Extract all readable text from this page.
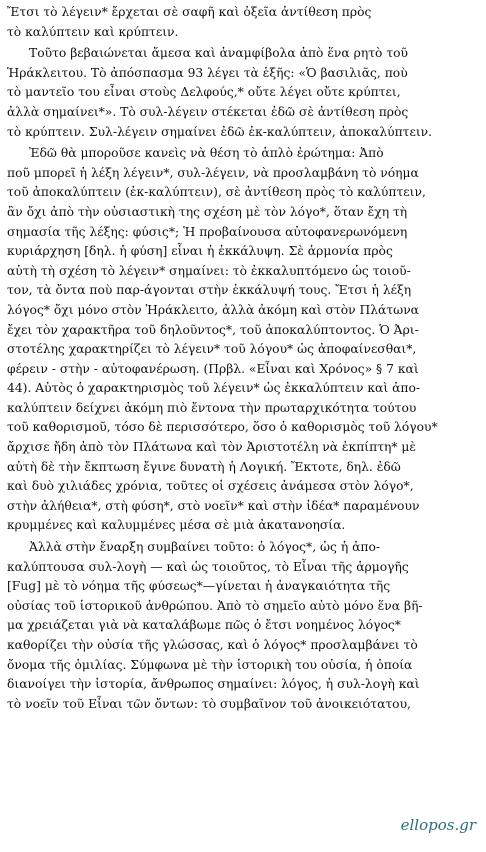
Ἔτσι τὸ λέγειν* ἔρχεται σὲ σαφῆ καὶ ὀξεῖα ἀντίθεση πρὸς
τὸ καλύπτειν καὶ κρύπτειν.
Τοῦτο βεβαιώνεται ἄμεσα καὶ ἀναμφίβολα ἀπὸ ἕνα ρητὸ τοῦ
Ἡράκλειτου. Τὸ ἀπόσπασμα 93 λέγει τὰ ἑξῆς: «Ὁ βασιλιᾶς, ποὺ
τὸ μαντεῖο του εἶναι στοὺς Δελφούς,* οὔτε λέγει οὔτε κρύπτει,
ἀλλὰ σημαίνει*». Τὸ συλ-λέγειν στέκεται ἐδῶ σὲ ἀντίθεση πρὸς
τὸ κρύπτειν. Συλ-λέγειν σημαίνει ἐδῶ ἐκ-καλύπτειν, ἀποκαλύπτειν.
Ἐδῶ θὰ μποροῦσε κανεὶς νὰ θέση τὸ ἁπλὸ ἐρώτημα: Ἀπὸ
ποῦ μπορεῖ ἡ λέξη λέγειν*, συλ-λέγειν, νὰ προσλαμβάνη τὸ νόημα
τοῦ ἀποκαλύπτειν (ἐκ-καλύπτειν), σὲ ἀντίθεση πρὸς τὸ καλύπτειν,
ἂν ὄχι ἀπὸ τὴν οὐσιαστικὴ της σχέση μὲ τὸν λόγο*, ὅταν ἔχη τὴ
σημασία τῆς λέξης: φύσις*; Ἡ προβαίνουσα αὐτοφανερωνόμενη
κυριάρχηση [δηλ. ἡ φύση] εἶναι ἡ ἐκκάλυψη. Σὲ ἁρμονία πρὸς
αὐτὴ τὴ σχέση τὸ λέγειν* σημαίνει: τὸ ἐκκαλυπτόμενο ὡς τοιοῦ-
τον, τὰ ὄντα ποὺ παρ-άγονται στὴν ἐκκάλυψή τους. Ἔτσι ἡ λέξη
λόγος* ὄχι μόνο στὸν Ἡράκλειτο, ἀλλὰ ἀκόμη καὶ στὸν Πλάτωνα
ἔχει τὸν χαρακτῆρα τοῦ δηλοῦντος*, τοῦ ἀποκαλύπτοντος. Ὁ Ἀρι-
στοτέλης χαρακτηρίζει τὸ λέγειν* τοῦ λόγου* ὡς ἀποφαίνεσθαι*,
φέρειν - στὴν - αὐτοφανέρωση. (Πρβλ. «Εἶναι καὶ Χρόνος» § 7 καὶ
44). Αὐτὸς ὁ χαρακτηρισμὸς τοῦ λέγειν* ὡς ἐκκαλύπτειν καὶ ἀπο-
καλύπτειν δείχνει ἀκόμη πιὸ ἔντονα τὴν πρωταρχικότητα τούτου
τοῦ καθορισμοῦ, τόσο δὲ περισσότερο, ὅσο ὁ καθορισμὸς τοῦ λόγου*
ἄρχισε ἤδη ἀπὸ τὸν Πλάτωνα καὶ τὸν Ἀριστοτέλη νὰ ἐκπίπτη* μὲ
αὐτὴ δὲ τὴν ἔκπτωση ἔγινε δυνατὴ ἡ Λογική. Ἔκτοτε, δηλ. ἐδῶ
καὶ δυὸ χιλιάδες χρόνια, τοῦτες οἱ σχέσεις ἀνάμεσα στὸν λόγο*,
στὴν ἀλήθεια*, στὴ φύση*, στὸ νοεῖν* καὶ στὴν ἰδέα* παραμένουν
κρυμμένες καὶ καλυμμένες μέσα σὲ μιὰ ἀκατανοησία.
Ἀλλὰ στὴν ἔναρξη συμβαίνει τοῦτο: ὁ λόγος*, ὡς ἡ ἀπο-
καλύπτουσα συλ-λογὴ — καὶ ὡς τοιοῦτος, τὸ Εἶναι τῆς ἁρμογῆς
[Fug] μὲ τὸ νόημα τῆς φύσεως*—γίνεται ἡ ἀναγκαιότητα τῆς
οὐσίας τοῦ ἱστορικοῦ ἀνθρώπου. Ἀπὸ τὸ σημεῖο αὐτὸ μόνο ἕνα βῆ-
μα χρειάζεται γιὰ νὰ καταλάβωμε πῶς ὁ ἔτσι νοημένος λόγος*
καθορίζει τὴν οὐσία τῆς γλώσσας, καὶ ὁ λόγος* προσλαμβάνει τὸ
ὄνομα τῆς ὁμιλίας. Σύμφωνα μὲ τὴν ἱστορικὴ του οὐσία, ἡ ὁποία
διανοίγει τὴν ἱστορία, ἄνθρωπος σημαίνει: λόγος, ἡ συλ-λογὴ καὶ
τὸ νοεῖν τοῦ Εἶναι τῶν ὄντων: τὸ συμβαῖνον τοῦ ἀνοικειότατου,
ellopos.gr
